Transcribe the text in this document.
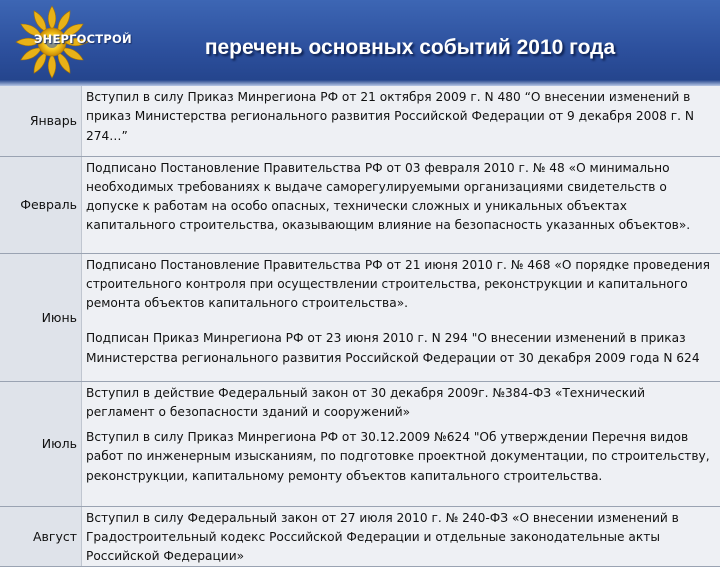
ЭНЕРГОСТРОЙ	перечень основных событий 2010 года
Январь	Вступил в силу Приказ Минрегиона РФ от 21 октября 2009 г. N 480 “О внесении изменений в приказ Министерства регионального развития Российской Федерации от 9 декабря 2008 г. N 274…”

Февраль	Подписано Постановление Правительства РФ от 03 февраля 2010 г. № 48 «О минимально необходимых требованиях к выдаче саморегулируемыми организациями свидетельств о допуске к работам на особо опасных, технически сложных и уникальных объектах капитального строительства, оказывающим влияние на безопасность указанных объектов».

Июнь	Подписано Постановление Правительства РФ от 21 июня 2010 г. № 468 «О порядке проведения строительного контроля при осуществлении строительства, реконструкции и капитального ремонта объектов капитального строительства».
Подписан Приказ Минрегиона РФ от 23 июня 2010 г. N 294 "О внесении изменений в приказ Министерства регионального развития Российской Федерации от 30 декабря 2009 года N 624

Июль	Вступил в действие Федеральный закон от 30 декабря 2009г. №384-ФЗ «Технический регламент о безопасности зданий и сооружений»
Вступил в силу Приказ Минрегиона РФ от 30.12.2009 №624 "Об утверждении Перечня видов работ по инженерным изысканиям, по подготовке проектной документации, по строительству, реконструкции, капитальному ремонту объектов капитального строительства.

Август	Вступил в силу Федеральный закон от 27 июля 2010 г. № 240-ФЗ «О внесении изменений в Градостроительный кодекс Российской Федерации и отдельные законодательные акты Российской Федерации»
